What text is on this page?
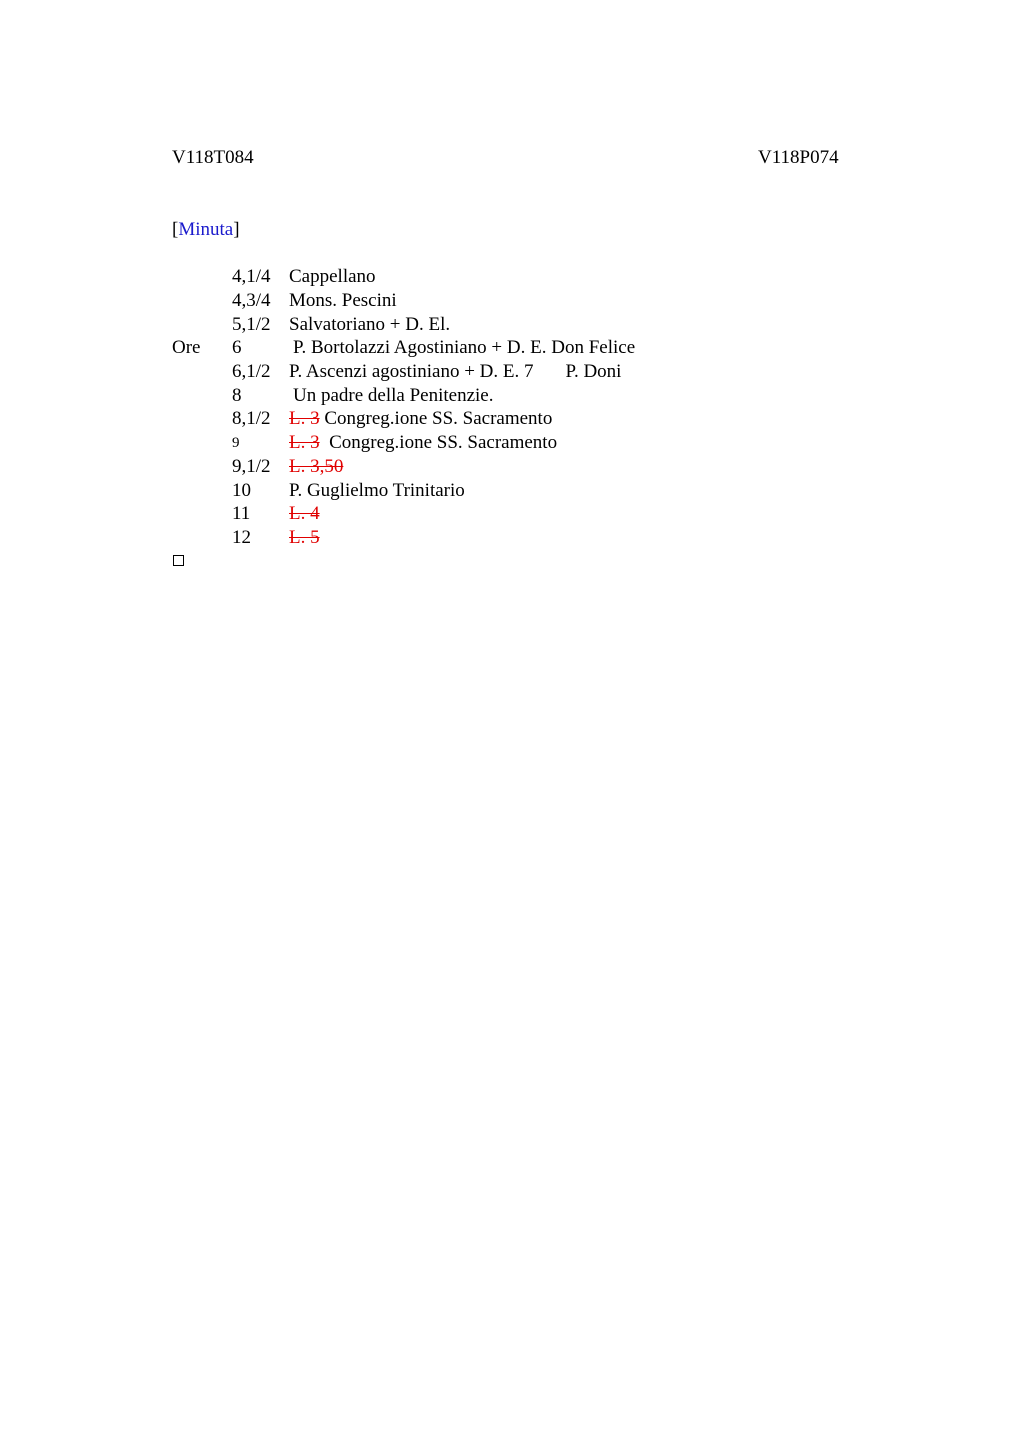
V118T084	V118P074
[Minuta]
4,1/4 Cappellano
4,3/4 Mons. Pescini
5,1/2 Salvatoriano + D. El.
Ore 6	P. Bortolazzi Agostiniano + D. E. Don Felice
6,1/2 P. Ascenzi agostiniano + D. E. 7 P. Doni
8	Un padre della Penitenzie.
8,1/2 L. 3 Congreg.ione SS. Sacramento
9	L. 3 Congreg.ione SS. Sacramento
9,1/2 L. 3,50
10 P. Guglielmo Trinitario
11 L. 4
12 L. 5
